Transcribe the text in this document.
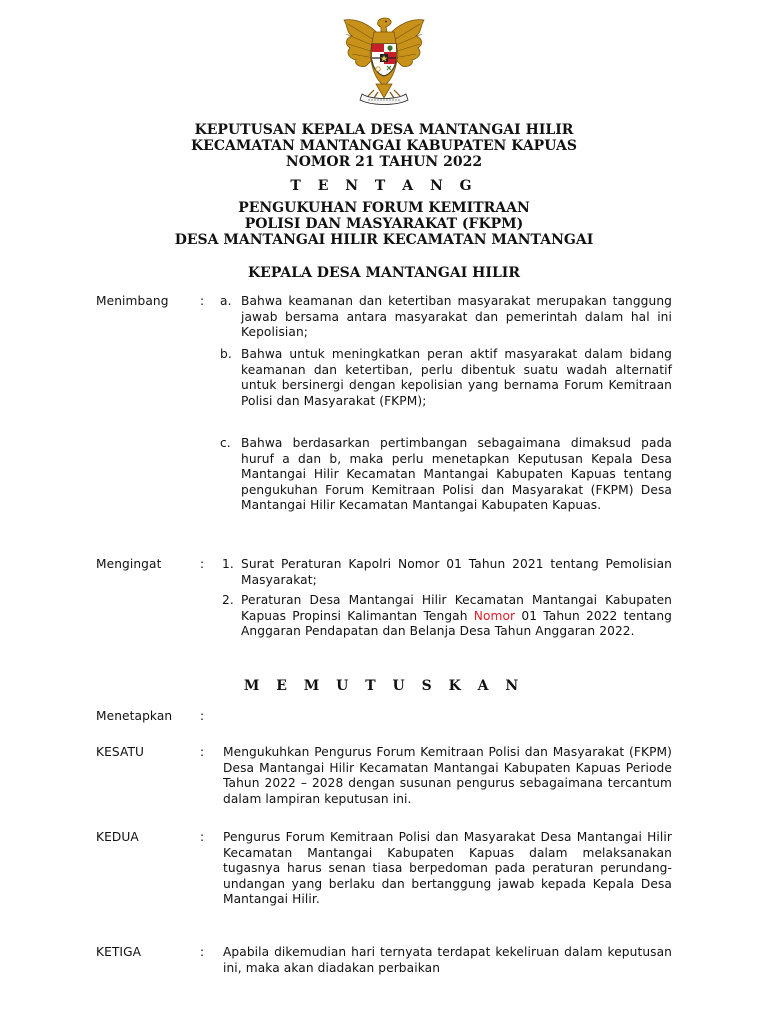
KEPUTUSAN KEPALA DESA MANTANGAI HILIR
KECAMATAN MANTANGAI KABUPATEN KAPUAS
NOMOR 21 TAHUN 2022
T E N T A N G
PENGUKUHAN FORUM KEMITRAAN
POLISI DAN MASYARAKAT (FKPM)
DESA MANTANGAI HILIR KECAMATAN MANTANGAI
KEPALA DESA MANTANGAI HILIR
Menimbang	: a. Bahwa keamanan dan ketertiban masyarakat merupakan tanggung jawab bersama antara masyarakat dan pemerintah dalam hal ini Kepolisian;
b. Bahwa untuk meningkatkan peran aktif masyarakat dalam bidang keamanan dan ketertiban, perlu dibentuk suatu wadah alternatif untuk bersinergi dengan kepolisian yang bernama Forum Kemitraan Polisi dan Masyarakat (FKPM);
c. Bahwa berdasarkan pertimbangan sebagaimana dimaksud pada huruf a dan b, maka perlu menetapkan Keputusan Kepala Desa Mantangai Hilir Kecamatan Mantangai Kabupaten Kapuas tentang pengukuhan Forum Kemitraan Polisi dan Masyarakat (FKPM) Desa Mantangai Hilir Kecamatan Mantangai Kabupaten Kapuas.
Mengingat	: 1. Surat Peraturan Kapolri Nomor 01 Tahun 2021 tentang Pemolisian Masyarakat;
2. Peraturan Desa Mantangai Hilir Kecamatan Mantangai Kabupaten Kapuas Propinsi Kalimantan Tengah Nomor 01 Tahun 2022 tentang Anggaran Pendapatan dan Belanja Desa Tahun Anggaran 2022.
M E M U T U S K A N
Menetapkan :
KESATU	: Mengukuhkan Pengurus Forum Kemitraan Polisi dan Masyarakat (FKPM) Desa Mantangai Hilir Kecamatan Mantangai Kabupaten Kapuas Periode Tahun 2022 – 2028 dengan susunan pengurus sebagaimana tercantum dalam lampiran keputusan ini.
KEDUA	: Pengurus Forum Kemitraan Polisi dan Masyarakat Desa Mantangai Hilir Kecamatan Mantangai Kabupaten Kapuas dalam melaksanakan tugasnya harus senan tiasa berpedoman pada peraturan perundang-undangan yang berlaku dan bertanggung jawab kepada Kepala Desa Mantangai Hilir.
KETIGA	: Apabila dikemudian hari ternyata terdapat kekeliruan dalam keputusan ini, maka akan diadakan perbaikan
